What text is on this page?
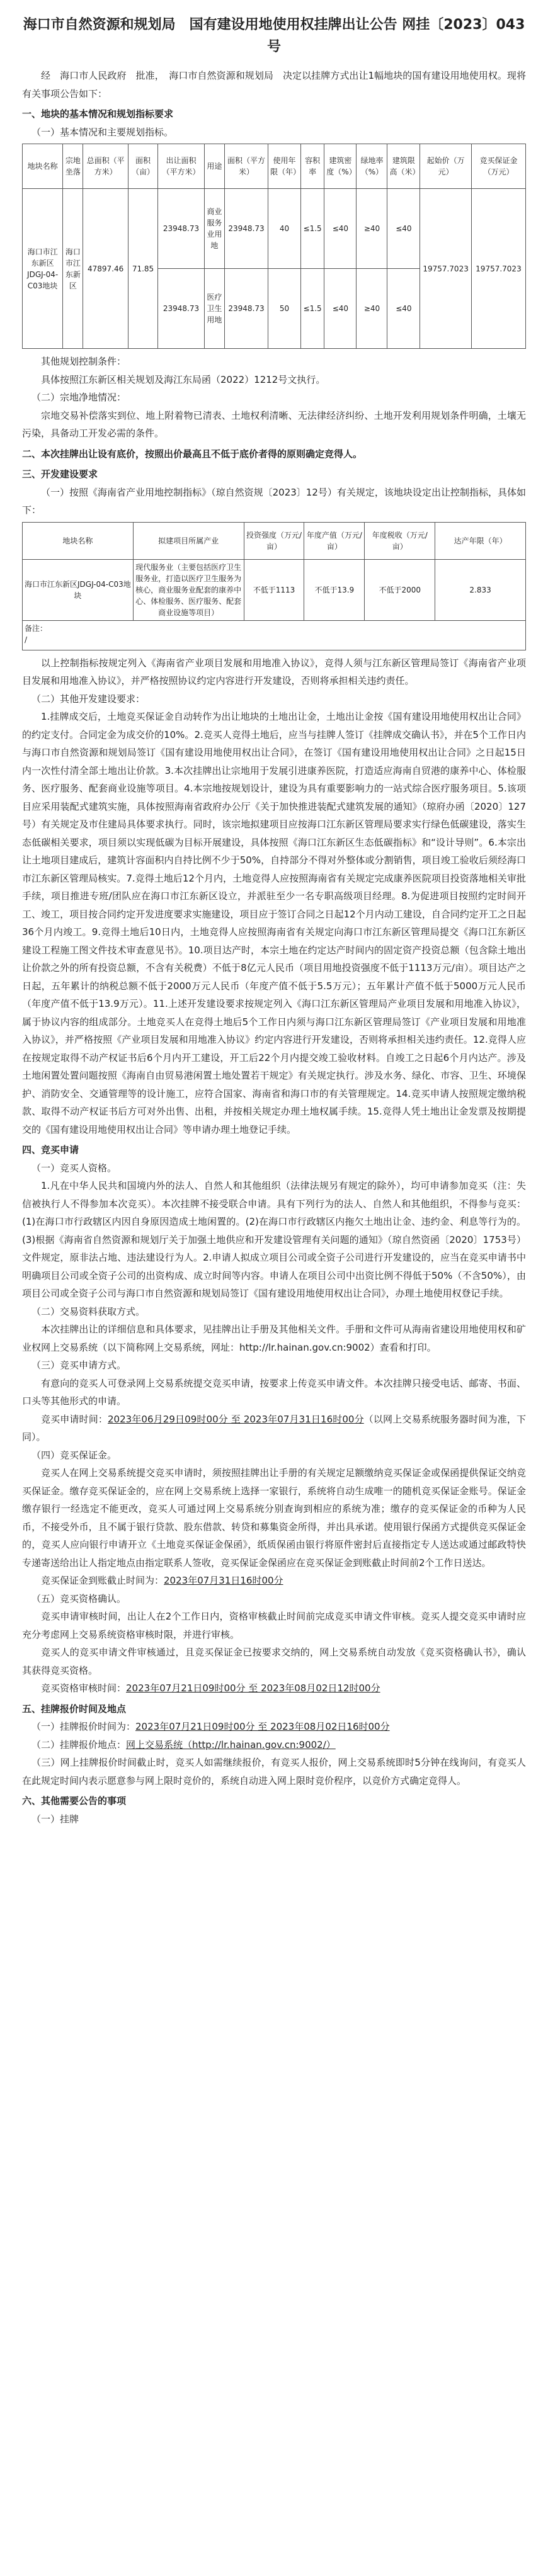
海口市自然资源和规划局　国有建设用地使用权挂牌出让公告 网挂〔2023〕043号

经　海口市人民政府　批准，　海口市自然资源和规划局　决定以挂牌方式出让1幅地块的国有建设用地使用权。现将有关事项公告如下：

一、地块的基本情况和规划指标要求

（一）基本情况和主要规划指标。

地块名称	宗地坐落	总面积（平方米）	面积（亩）	出让面积（平方米）	用途	面积（平方米）	使用年限（年）	容积率	建筑密度（%）	绿地率（%）	建筑限高（米）	起始价（万元）	竞买保证金（万元）
海口市江东新区JDGJ-04-C03地块	海口市江东新区	47897.46	71.85	23948.73	商业服务业用地	23948.73	40	≤1.5	≤40	≥40	≤40	19757.7023	19757.7023
				23948.73	医疗卫生用地	23948.73	50	≤1.5	≤40	≥40	≤40		

其他规划控制条件：

具体按照江东新区相关规划及海江东局函（2022）1212号文执行。

（二）宗地净地情况：

宗地交易补偿落实到位、地上附着物已清表、土地权利清晰、无法律经济纠纷、土地开发利用规划条件明确，土壤无污染，具备动工开发必需的条件。

二、本次挂牌出让设有底价，按照出价最高且不低于底价者得的原则确定竞得人。

三、开发建设要求

（一）按照《海南省产业用地控制指标》（琼自然资规〔2023〕12号）有关规定，该地块设定出让控制指标，具体如下：

地块名称	拟建项目所属产业	投资强度（万元/亩）	年度产值（万元/亩）	年度税收（万元/亩）	达产年限（年）
海口市江东新区JDGJ-04-C03地块	现代服务业（主要包括医疗卫生服务业，打造以医疗卫生服务为核心，商业服务业配套的康养中心、体检服务、医疗服务、配套商业设施等项目）	不低于1113	不低于13.9	不低于2000	2.833
备注：
/					

以上控制指标按规定列入《海南省产业项目发展和用地准入协议》，竞得人须与江东新区管理局签订《海南省产业项目发展和用地准入协议》，并严格按照协议约定内容进行开发建设，否则将承担相关违约责任。

（二）其他开发建设要求：

1.挂牌成交后，土地竞买保证金自动转作为出让地块的土地出让金，土地出让金按《国有建设用地使用权出让合同》的约定支付。合同定金为成交价的10%。2.竞买人竞得土地后，应当与挂牌人签订《挂牌成交确认书》，并在5个工作日内与海口市自然资源和规划局签订《国有建设用地使用权出让合同》，在签订《国有建设用地使用权出让合同》之日起15日内一次性付清全部土地出让价款。3.本次挂牌出让宗地用于发展引进康养医院，打造适应海南自贸港的康养中心、体检服务、医疗服务、配套商业设施等项目。4.本宗地按规划设计，建设为具有重要影响力的一站式综合医疗服务项目。5.该项目应采用装配式建筑实施，具体按照海南省政府办公厅《关于加快推进装配式建筑发展的通知》（琼府办函〔2020〕127号）有关规定及市住建局具体要求执行。同时，该宗地拟建项目应按海口江东新区管理局要求实行绿色低碳建设，落实生态低碳相关要求，项目须以实现低碳为目标开展建设，具体按照《海口江东新区生态低碳指标》和“设计导则”。6.本宗出让土地项目建成后，建筑计容面积内自持比例不少于50%，自持部分不得对外整体或分割销售，项目竣工验收后须经海口市江东新区管理局核实。7.竞得土地后12个月内，土地竞得人应按照海南省有关规定完成康养医院项目投资落地相关审批手续，项目推进专班/团队应在海口市江东新区设立，并派驻至少一名专职高级项目经理。8.为促进项目按照约定时间开工、竣工，项目按合同约定开发进度要求实施建设，项目应于签订合同之日起12个月内动工建设，自合同约定开工之日起36个月内竣工。9.竞得土地后10日内，土地竞得人应按照海南省有关规定向海口市江东新区管理局提交《海口江东新区建设工程施工图文件技术审查意见书》。10.项目达产时，本宗土地在约定达产时间内的固定资产投资总额（包含除土地出让价款之外的所有投资总额，不含有关税费）不低于8亿元人民币（项目用地投资强度不低于1113万元/亩）。项目达产之日起，五年累计的纳税总额不低于2000万元人民币（年度产值不低于5.5万元）；五年累计产值不低于5000万元人民币（年度产值不低于13.9万元）。11.上述开发建设要求按规定列入《海口江东新区管理局产业项目发展和用地准入协议》，属于协议内容的组成部分。土地竞买人在竞得土地后5个工作日内须与海口江东新区管理局签订《产业项目发展和用地准入协议》，并严格按照《产业项目发展和用地准入协议》约定内容进行开发建设，否则将承担相关违约责任。12.竞得人应在按规定取得不动产权证书后6个月内开工建设，开工后22个月内提交竣工验收材料。自竣工之日起6个月内达产。涉及土地闲置处置问题按照《海南自由贸易港闲置土地处置若干规定》有关规定执行。涉及水务、绿化、市容、卫生、环境保护、消防安全、交通管理等的设计施工，应符合国家、海南省和海口市的有关管理规定。14.竞买申请人按照规定缴纳税款、取得不动产权证书后方可对外出售、出租，并按相关规定办理土地权属手续。15.竞得人凭土地出让金发票及按期提交的《国有建设用地使用权出让合同》等申请办理土地登记手续。

四、竞买申请

（一）竞买人资格。

1.凡在中华人民共和国境内外的法人、自然人和其他组织（法律法规另有规定的除外），均可申请参加竞买（注：失信被执行人不得参加本次竞买）。本次挂牌不接受联合申请。具有下列行为的法人、自然人和其他组织，不得参与竞买：(1)在海口市行政辖区内因自身原因造成土地闲置的。(2)在海口市行政辖区内拖欠土地出让金、违约金、利息等行为的。(3)根据《海南省自然资源和规划厅关于加强土地供应和开发建设管理有关问题的通知》（琼自然资函〔2020〕1753号）文件规定，原非法占地、违法建设行为人。2.申请人拟成立项目公司或全资子公司进行开发建设的，应当在竞买申请书中明确项目公司或全资子公司的出资构成、成立时间等内容。申请人在项目公司中出资比例不得低于50%（不含50%），由项目公司或全资子公司与海口市自然资源和规划局签订《国有建设用地使用权出让合同》，办理土地使用权登记手续。

（二）交易资料获取方式。

本次挂牌出让的详细信息和具体要求，见挂牌出让手册及其他相关文件。手册和文件可从海南省建设用地使用权和矿业权网上交易系统（以下简称网上交易系统，网址：http://lr.hainan.gov.cn:9002）查看和打印。

（三）竞买申请方式。

有意向的竞买人可登录网上交易系统提交竞买申请，按要求上传竞买申请文件。本次挂牌只接受电话、邮寄、书面、口头等其他形式的申请。

竞买申请时间：2023年06月29日09时00分 至 2023年07月31日16时00分（以网上交易系统服务器时间为准，下同）。

（四）竞买保证金。

竞买人在网上交易系统提交竞买申请时，须按照挂牌出让手册的有关规定足额缴纳竞买保证金或保函提供保证交纳竞买保证金。缴存竞买保证金的，应在网上交易系统上选择一家银行，系统将自动生成唯一的随机竞买保证金账号。保证金缴存银行一经选定不能更改，竞买人可通过网上交易系统分别查询到相应的系统为准；缴存的竞买保证金的币种为人民币，不接受外币，且不属于银行贷款、股东借款、转贷和募集资金所得，并出具承诺。使用银行保函方式提供竞买保证金的，竞买人应向银行申请开立《土地竞买保证金保函》，纸质保函由银行将原件密封后直接指定专人送达或通过邮政特快专递寄送给出让人指定地点由指定联系人签收，竞买保证金保函应在竞买保证金到账截止时间前2个工作日送达。

竞买保证金到账截止时间为：2023年07月31日16时00分

（五）竞买资格确认。

竞买申请审核时间，出让人在2个工作日内，资格审核截止时间前完成竞买申请文件审核。竞买人提交竞买申请时应充分考虑网上交易系统资格审核时限，并进行审核。

竞买人的竞买申请文件审核通过，且竞买保证金已按要求交纳的，网上交易系统自动发放《竞买资格确认书》，确认其获得竞买资格。

竞买资格审核时间：2023年07月21日09时00分 至 2023年08月02日12时00分

五、挂牌报价时间及地点

（一）挂牌报价时间为：2023年07月21日09时00分 至 2023年08月02日16时00分

（二）挂牌报价地点：网上交易系统（http://lr.hainan.gov.cn:9002/）

（三）网上挂牌报价时间截止时，竞买人如需继续报价，有竞买人报价，网上交易系统即时5分钟在线询问，有竞买人在此规定时间内表示愿意参与网上限时竞价的，系统自动进入网上限时竞价程序，以竞价方式确定竞得人。

六、其他需要公告的事项

（一）挂牌
